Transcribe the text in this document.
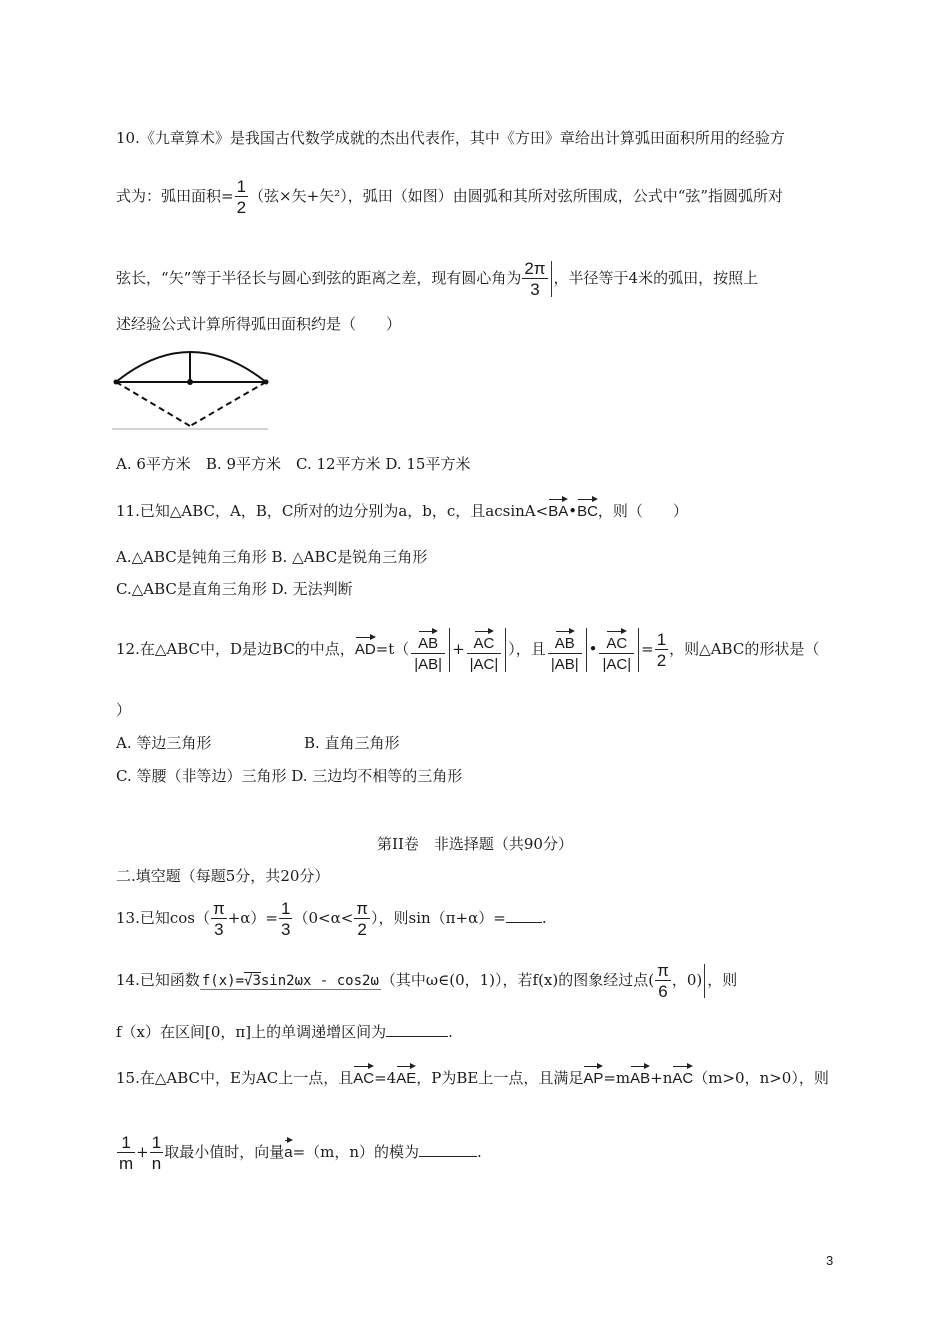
10.《九章算术》是我国古代数学成就的杰出代表作，其中《方田》章给出计算弧田面积所用的经验方
式为：弧田面积= $\frac{1}{2}$ （弦×矢+矢²），弧田（如图）由圆弧和其所对弦所围成，公式中“弦”指圆弧所对
弦长，“矢”等于半径长与圆心到弦的距离之差，现有圆心角为 $\frac{2\pi}{3}$ ，半径等于4米的弧田，按照上
述经验公式计算所得弧田面积约是（　　）
A. 6平方米　B. 9平方米　C. 12平方米 D. 15平方米
11.已知△ABC，A，B，C所对的边分别为a，b，c，且acsinA<BA•BC，则（　　）
A.△ABC是钝角三角形 B. △ABC是锐角三角形
C.△ABC是直角三角形 D. 无法判断
12.在△ABC中，D是边BC的中点，$AD=t( \frac{AB}{|AB|} + \frac{AC}{|AC|}$ ），且 $\frac{AB}{|AB|}$ • $\frac{AC}{|AC|} = \frac{1}{2}$ ，则△ABC的形状是（
）
A. 等边三角形	B. 直角三角形
C. 等腰（非等边）三角形 D. 三边均不相等的三角形
第II卷　非选择题（共90分）
二.填空题（每题5分，共20分）
13.已知$\cos( \frac{\pi}{3} +\alpha)= \frac{1}{3} (0<\alpha< \frac{\pi}{2}$ ），则sin（π+α）= .
14.已知函数 f(x)=√3sin2ωx - cos2ω （其中ω∈(0，1)），若f(x)的图象经过点( $\frac{\pi}{6}$ ，0) ，则
f（x）在区间[0，π]上的单调递增区间为	.
15.在△ABC中，E为AC上一点，且AC=4AE，P为BE上一点，且满足AP=mAB+nAC（m>0，n>0），则
$\frac{1}{m} + \frac{1}{n}$ 取最小值时，向量a=（m，n）的模为	.
3
